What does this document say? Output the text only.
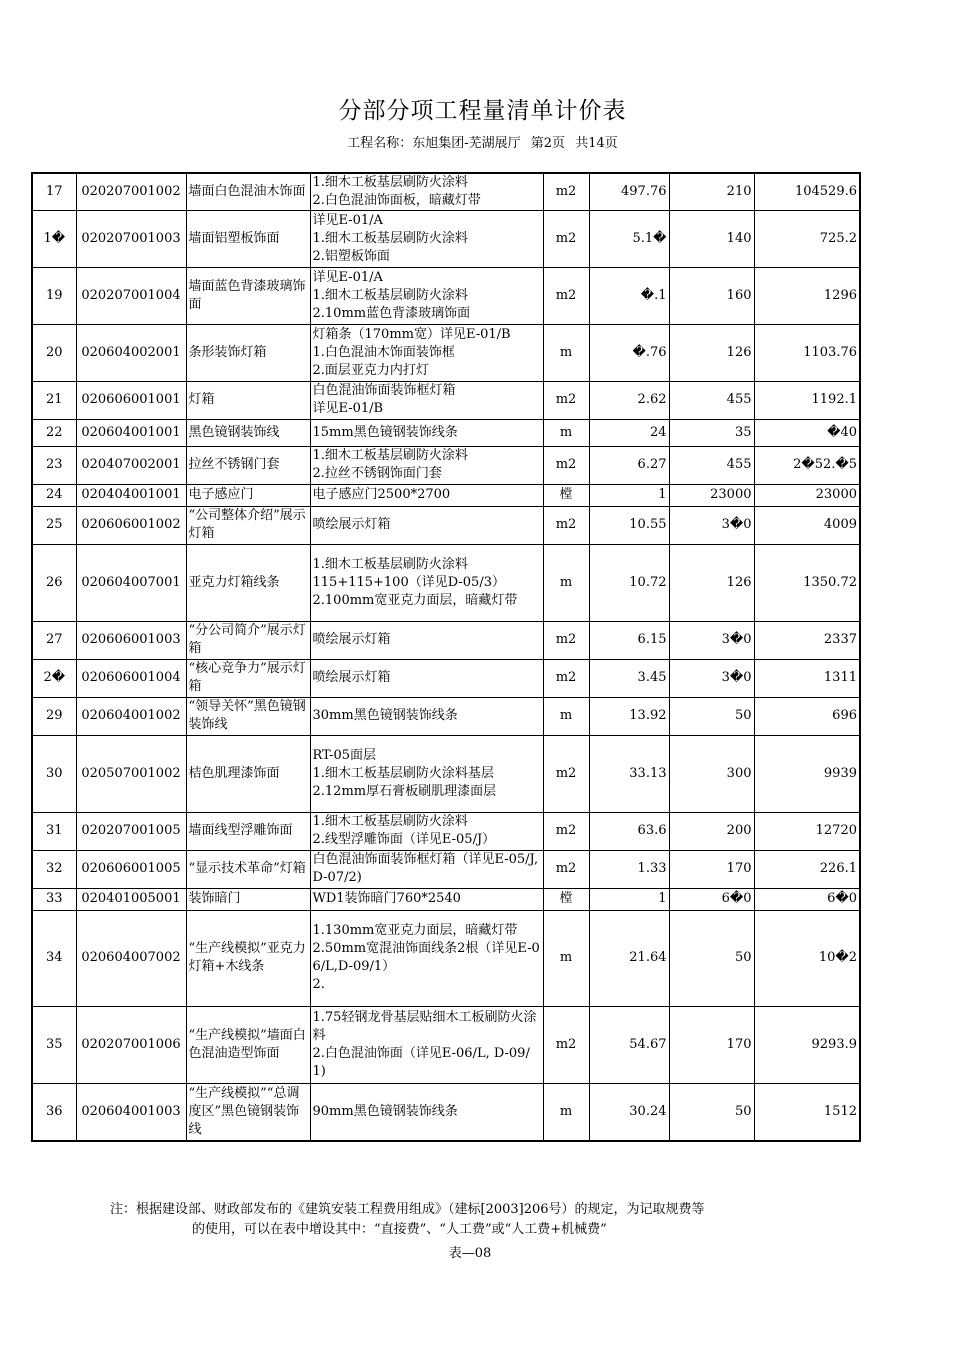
分部分项工程量清单计价表
工程名称：东旭集团-芜湖展厅 第2页 共14页
17	020207001002	墙面白色混油木饰面	1.细木工板基层刷防火涂料
2.白色混油饰面板，暗藏灯带	m2	497.76	210	104529.6

1�	020207001003	墙面铝塑板饰面	详见E-01/A
1.细木工板基层刷防火涂料
2.铝塑板饰面	m2	5.1�	140	725.2

19	020207001004	墙面蓝色背漆玻璃饰面	详见E-01/A
1.细木工板基层刷防火涂料
2.10mm蓝色背漆玻璃饰面	m2	�.1	160	1296

20	020604002001	条形装饰灯箱	灯箱条（170mm宽）详见E-01/B
1.白色混油木饰面装饰框
2.面层亚克力内打灯	m	�.76	126	1103.76

21	020606001001	灯箱	白色混油饰面装饰框灯箱
详见E-01/B	m2	2.62	455	1192.1

22	020604001001	黑色镜钢装饰线	15mm黑色镜钢装饰线条	m	24	35	�40

23	020407002001	拉丝不锈钢门套	1.细木工板基层刷防火涂料
2.拉丝不锈钢饰面门套	m2	6.27	455	2�52.�5

24	020404001001	电子感应门	电子感应门2500*2700	樘	1	23000	23000

25	020606001002	“公司整体介绍”展示灯箱	喷绘展示灯箱	m2	10.55	3�0	4009

26	020604007001	亚克力灯箱线条	1.细木工板基层刷防火涂料
115+115+100（详见D-05/3）
2.100mm宽亚克力面层，暗藏灯带	m	10.72	126	1350.72

27	020606001003	“分公司简介”展示灯箱	喷绘展示灯箱	m2	6.15	3�0	2337

2�	020606001004	“核心竞争力”展示灯箱	喷绘展示灯箱	m2	3.45	3�0	1311

29	020604001002	“领导关怀”黑色镜钢装饰线	30mm黑色镜钢装饰线条	m	13.92	50	696

30	020507001002	桔色肌理漆饰面	RT-05面层
1.细木工板基层刷防火涂料基层
2.12mm厚石膏板刷肌理漆面层	m2	33.13	300	9939

31	020207001005	墙面线型浮雕饰面	1.细木工板基层刷防火涂料
2.线型浮雕饰面（详见E-05/J）	m2	63.6	200	12720

32	020606001005	“显示技术革命”灯箱	白色混油饰面装饰框灯箱（详见E-05/J, D-07/2)	m2	1.33	170	226.1

33	020401005001	装饰暗门	WD1装饰暗门760*2540	樘	1	6�0	6�0

34	020604007002	“生产线模拟”亚克力灯箱+木线条	1.130mm宽亚克力面层，暗藏灯带
2.50mm宽混油饰面线条2根（详见E-06/L,D-09/1）
2.	m	21.64	50	10�2

35	020207001006	“生产线模拟”墙面白色混油造型饰面	1.75轻钢龙骨基层贴细木工板刷防火涂料
2.白色混油饰面（详见E-06/L, D-09/1)	m2	54.67	170	9293.9

36	020604001003	“生产线模拟”“总调度区”黑色镜钢装饰线	90mm黑色镜钢装饰线条	m	30.24	50	1512
注：根据建设部、财政部发布的《建筑安装工程费用组成》（建标[2003]206号）的规定，为记取规费等
的使用，可以在表中增设其中：“直接费”、“人工费”或“人工费+机械费”
表—08
